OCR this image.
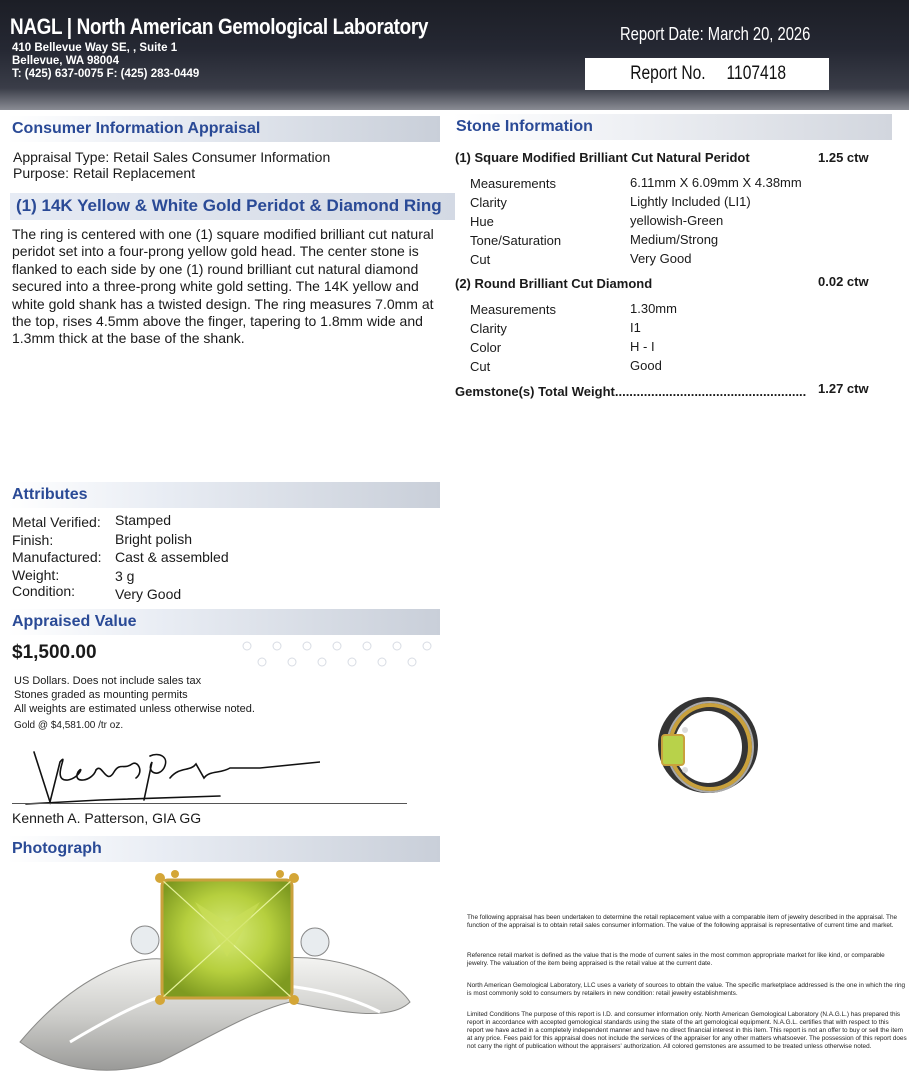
NAGL | North American Gemological Laboratory
410 Bellevue Way SE, , Suite 1
Bellevue, WA 98004
T: (425) 637-0075 F: (425) 283-0449
Report Date: March 20, 2026
Report No. 1107418
Consumer Information Appraisal
Appraisal Type: Retail Sales Consumer Information
Purpose: Retail Replacement
(1) 14K Yellow & White Gold Peridot & Diamond Ring
The ring is centered with one (1) square modified brilliant cut natural peridot set into a four-prong yellow gold head. The center stone is flanked to each side by one (1) round brilliant cut natural diamond secured into a three-prong white gold setting. The 14K yellow and white gold shank has a twisted design. The ring measures 7.0mm at the top, rises 4.5mm above the finger, tapering to 1.8mm wide and 1.3mm thick at the base of the shank.
Stone Information
(1) Square Modified Brilliant Cut Natural Peridot	1.25 ctw
Measurements	6.11mm X 6.09mm X 4.38mm
Clarity	Lightly Included (LI1)
Hue	yellowish-Green
Tone/Saturation	Medium/Strong
Cut	Very Good
(2) Round Brilliant Cut Diamond	0.02 ctw
Measurements	1.30mm
Clarity	I1
Color	H - I
Cut	Good
Gemstone(s) Total Weight..................................................... 1.27 ctw
Attributes
Metal Verified: Stamped
Finish:	Bright polish
Manufactured: Cast & assembled
Weight:	3 g
Condition:	Very Good
Appraised Value
$1,500.00
US Dollars. Does not include sales tax
Stones graded as mounting permits
All weights are estimated unless otherwise noted.
Gold @ $4,581.00 /tr oz.
Kenneth A. Patterson, GIA GG
Photograph
The following appraisal has been undertaken to determine the retail replacement value with a comparable item of jewelry described in the appraisal. The function of the appraisal is to obtain retail sales consumer information. The value of the following appraisal is representative of current time and market.
Reference retail market is defined as the value that is the mode of current sales in the most common appropriate market for like kind, or comparable jewelry. The valuation of the item being appraised is the retail value at the current date.
North American Gemological Laboratory, LLC uses a variety of sources to obtain the value. The specific marketplace addressed is the one in which the ring is most commonly sold to consumers by retailers in new condition: retail jewelry establishments.
Limited Conditions The purpose of this report is I.D. and consumer information only. North American Gemological Laboratory (N.A.G.L.) has prepared this report in accordance with accepted gemological standards using the state of the art gemological equipment. N.A.G.L. certifies that with respect to this report we have acted in a completely independent manner and have no direct financial interest in this item. This report is not an offer to buy or sell the item at any price. Fees paid for this appraisal does not include the services of the appraiser for any other matters whatsoever. The possession of this report does not carry the right of publication without the appraisers' authorization. All colored gemstones are assumed to be treated unless otherwise noted.
